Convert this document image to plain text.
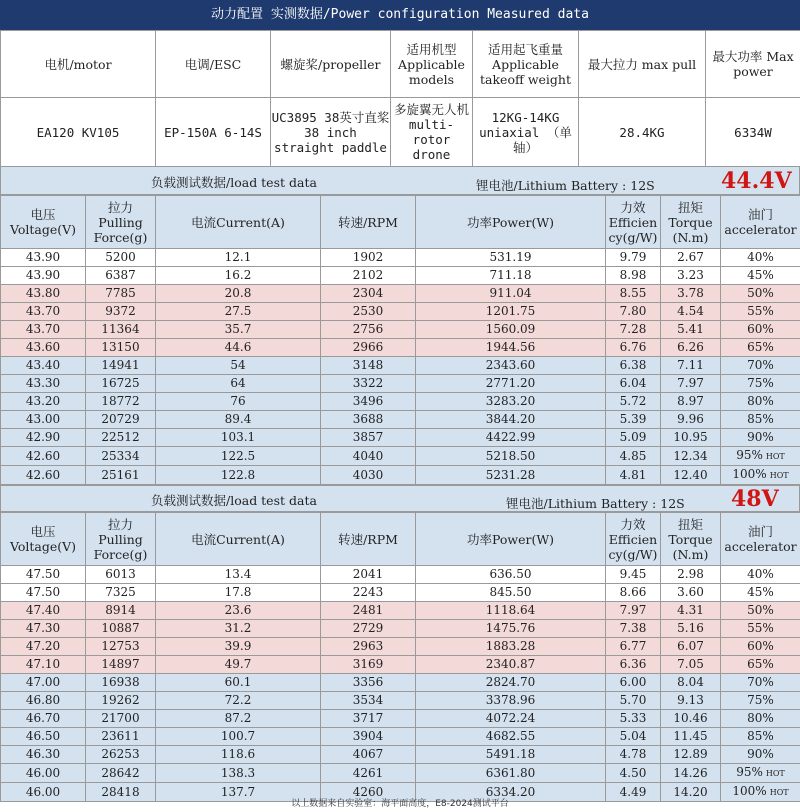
动力配置 实测数据/Power configuration Measured data
电机/motor	电调/ESC	螺旋桨/propeller	适用机型 Applicable models	适用起飞重量 Applicable takeoff weight	最大拉力 max pull	最大功率 Max power
EA120 KV105	EP-150A 6-14S	UC3895 38英寸直桨 38 inch straight paddle	多旋翼无人机 multi-rotor drone	12KG-14KG uniaxial （单轴）	28.4KG	6334W
负载测试数据/load test data	锂电池/Lithium Battery : 12S	44.4V
电压 Voltage(V)	拉力 Pulling Force(g)	电流Current(A)	转速/RPM	功率Power(W)	力效 Efficien cy(g/W)	扭矩 Torque (N.m)	油门 accelerator
43.90	5200	12.1	1902	531.19	9.79	2.67	40%
43.90	6387	16.2	2102	711.18	8.98	3.23	45%
43.80	7785	20.8	2304	911.04	8.55	3.78	50%
43.70	9372	27.5	2530	1201.75	7.80	4.54	55%
43.70	11364	35.7	2756	1560.09	7.28	5.41	60%
43.60	13150	44.6	2966	1944.56	6.76	6.26	65%
43.40	14941	54	3148	2343.60	6.38	7.11	70%
43.30	16725	64	3322	2771.20	6.04	7.97	75%
43.20	18772	76	3496	3283.20	5.72	8.97	80%
43.00	20729	89.4	3688	3844.20	5.39	9.96	85%
42.90	22512	103.1	3857	4422.99	5.09	10.95	90%
42.60	25334	122.5	4040	5218.50	4.85	12.34	95% HOT
42.60	25161	122.8	4030	5231.28	4.81	12.40	100% HOT
负载测试数据/load test data	锂电池/Lithium Battery : 12S 48V
电压 Voltage(V)	拉力 Pulling Force(g)	电流Current(A)	转速/RPM	功率Power(W)	力效 Efficien cy(g/W)	扭矩 Torque (N.m)	油门 accelerator
47.50	6013	13.4	2041	636.50	9.45	2.98	40%
47.50	7325	17.8	2243	845.50	8.66	3.60	45%
47.40	8914	23.6	2481	1118.64	7.97	4.31	50%
47.30	10887	31.2	2729	1475.76	7.38	5.16	55%
47.20	12753	39.9	2963	1883.28	6.77	6.07	60%
47.10	14897	49.7	3169	2340.87	6.36	7.05	65%
47.00	16938	60.1	3356	2824.70	6.00	8.04	70%
46.80	19262	72.2	3534	3378.96	5.70	9.13	75%
46.70	21700	87.2	3717	4072.24	5.33	10.46	80%
46.50	23611	100.7	3904	4682.55	5.04	11.45	85%
46.30	26253	118.6	4067	5491.18	4.78	12.89	90%
46.00	28642	138.3	4261	6361.80	4.50	14.26	95% HOT
46.00	28418	137.7	4260	6334.20	4.49	14.20	100% HOT
以上数据来自实验室：海平面高度，E8-2024测试平台
